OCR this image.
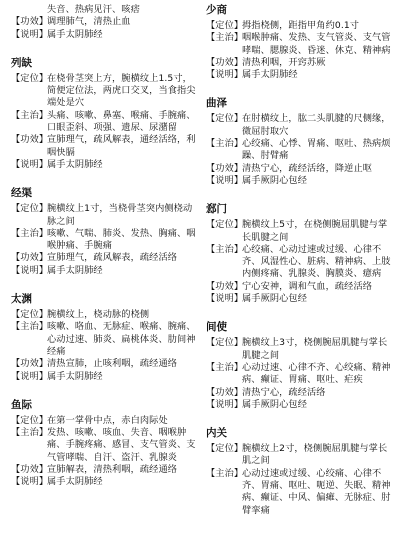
失音、热病见汗、咳痞
【功效】
调理肺气，清热止血
【说明】
属手太阴肺经
列缺
【定位】
在桡骨茎突上方，腕横纹上1.5寸，简便定位法，两虎口交叉，当食指尖端处是穴
【主治】
头痛、咳嗽、鼻塞、喉痛、手腕痛、口眼歪斜、项强、遗尿、尿潴留
【功效】
宣肺理气，疏风解表，通经活络，利咽快膈
【说明】
属手太阴肺经
经渠
【定位】
腕横纹上1寸，当桡骨茎突内侧桡动脉之间
【主治】
咳嗽、气喘、肺炎、发热、胸痛、咽喉肿痛、手腕痛
【功效】
宣肺理气，疏风解表，疏经活络
【说明】
属手太阴肺经
太渊
【定位】
腕横纹上，桡动脉的桡侧
【主治】
咳嗽、咯血、无脉症、喉痛、腕痛、心动过速、肺炎、扁桃体炎、肋间神经痛
【功效】
清热宣肺，止咳利咽，疏经通络
【说明】
属手太阴肺经
鱼际
【定位】
在第一掌骨中点，赤白肉际处
【主治】
发热、咳嗽、咳血、失音、咽喉肿痛、手腕疼痛、感冒、支气管炎、支气管哮喘、自汗、盗汗、乳腺炎
【功效】
宣肺解表，清热利咽，疏经通络
【说明】
属手太阴肺经
少商
【定位】
拇指桡侧，距指甲角约0.1寸
【主治】
咽喉肿痛、发热、支气管炎、支气管哮喘、腮腺炎、昏迷、休克、精神病
【功效】
清热利咽，开窍苏厥
【说明】
属手太阴肺经
曲泽
【定位】
在肘横纹上，肱二头肌腱的尺侧缘，微屈肘取穴
【主治】
心绞痛、心悸、胃痛、呕吐、热病烦躁、肘臂痛
【功效】
清热宁心，疏经活络，降逆止呕
【说明】
属手厥阴心包经
郄门
【定位】
腕横纹上5寸，在桡侧腕屈肌腱与掌长肌腱之间
【主治】
心绞痛、心动过速或过缓、心律不齐、风湿性心、脏病、精神病、上肢内侧疼痛、乳腺炎、胸膜炎、癔病
【功效】
宁心安神，调和气血，疏经活络
【说明】
属手厥阴心包经
间使
【定位】
腕横纹上3寸，桡侧腕屈肌腱与掌长肌腱之间
【主治】
心动过速、心律不齐、心绞痛、精神病、癫证、胃痛、呕吐、疟疾
【功效】
清热宁心，疏经活络
【说明】
属手厥阴心包经
内关
【定位】
腕横纹上2寸，桡侧腕屈肌腱与掌长肌之间
【主治】
心动过速或过缓、心绞痛、心律不齐、胃痛、呕吐、呃逆、失眠、精神病、癫证、中风、偏瘫、无脉症、肘臂挛痛
